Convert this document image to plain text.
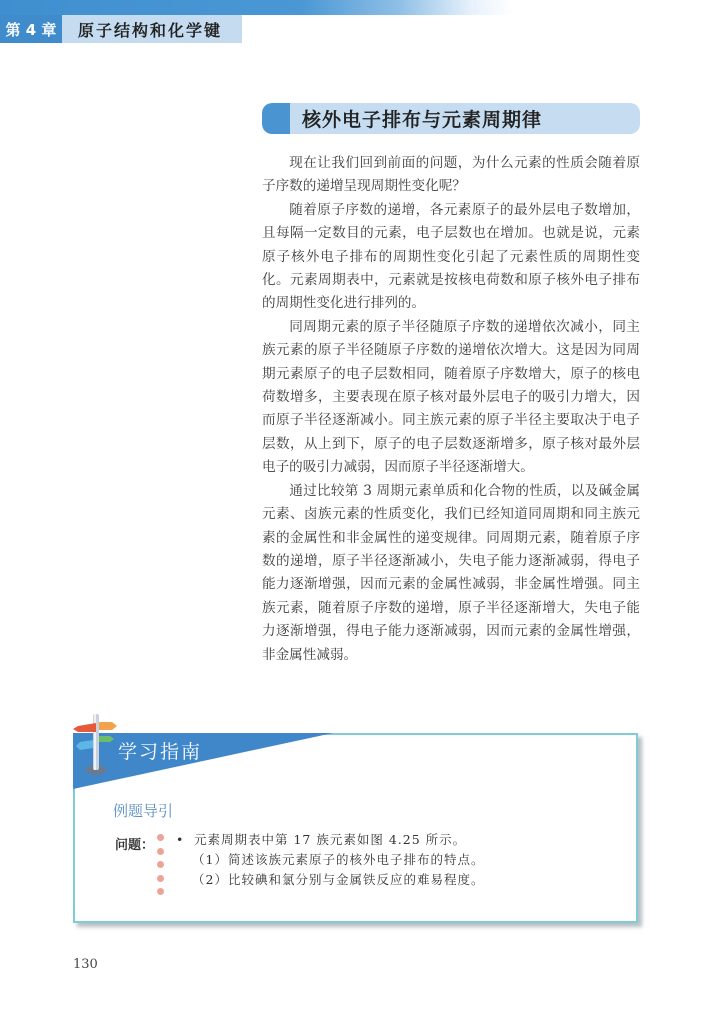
第 4 章	原子结构和化学键
核外电子排布与元素周期律

现在让我们回到前面的问题，为什么元素的性质会随着原子序数的递增呈现周期性变化呢？

随着原子序数的递增，各元素原子的最外层电子数增加，且每隔一定数目的元素，电子层数也在增加。也就是说，元素原子核外电子排布的周期性变化引起了元素性质的周期性变化。元素周期表中，元素就是按核电荷数和原子核外电子排布的周期性变化进行排列的。

同周期元素的原子半径随原子序数的递增依次减小，同主族元素的原子半径随原子序数的递增依次增大。这是因为同周期元素原子的电子层数相同，随着原子序数增大，原子的核电荷数增多，主要表现在原子核对最外层电子的吸引力增大，因而原子半径逐渐减小。同主族元素的原子半径主要取决于电子层数，从上到下，原子的电子层数逐渐增多，原子核对最外层电子的吸引力减弱，因而原子半径逐渐增大。

通过比较第 3 周期元素单质和化合物的性质，以及碱金属元素、卤族元素的性质变化，我们已经知道同周期和同主族元素的金属性和非金属性的递变规律。同周期元素，随着原子序数的递增，原子半径逐渐减小，失电子能力逐渐减弱，得电子能力逐渐增强，因而元素的金属性减弱，非金属性增强。同主族元素，随着原子序数的递增，原子半径逐渐增大，失电子能力逐渐增强，得电子能力逐渐减弱，因而元素的金属性增强，非金属性减弱。

学习指南
例题导引
问题： • 元素周期表中第 17 族元素如图 4.25 所示。
（1）简述该族元素原子的核外电子排布的特点。
（2）比较碘和氯分别与金属铁反应的难易程度。
130
